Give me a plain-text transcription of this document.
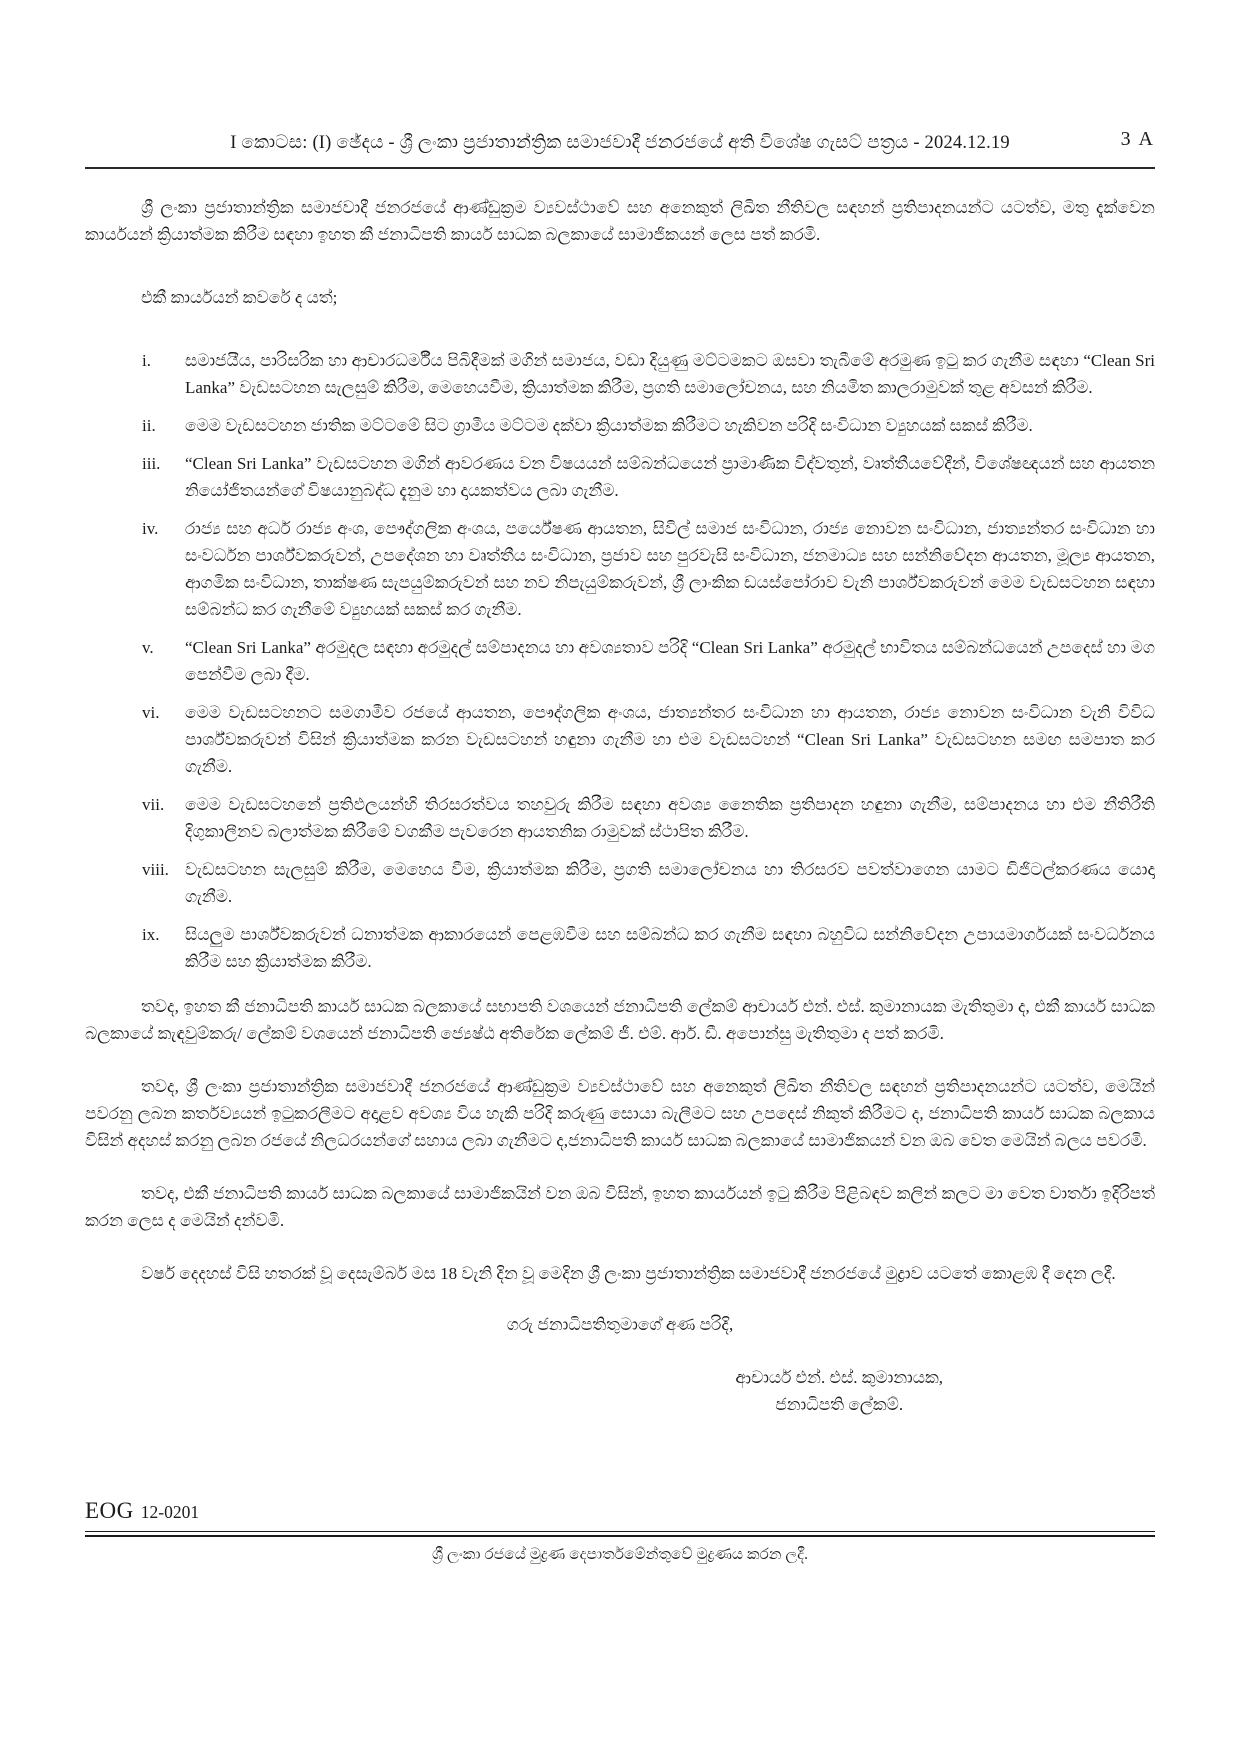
I කොටස: (I) ඡේදය - ශ්‍රී ලංකා ප්‍රජාතාන්ත්‍රික සමාජවාදී ජනරජයේ අති විශේෂ ගැසට් පත්‍රය - 2024.12.19	3 A

ශ්‍රී ලංකා ප්‍රජාතාන්ත්‍රික සමාජවාදී ජනරජයේ ආණ්ඩුක්‍රම ව්‍යවස්ථාවේ සහ අනෙකුත් ලිඛිත නීතිවල සඳහන් ප්‍රතිපාදනයන්ට යටත්ව, මතු දැක්වෙන කාර්යයන් ක්‍රියාත්මක කිරීම සඳහා ඉහත කී ජනාධිපති කාර්ය සාධක බලකායේ සාමාජිකයන් ලෙස පත් කරමි.

එකී කාර්යයන් කවරේ ද යත්;

i.	සමාජයීය, පාරිසරික හා ආචාරධර්මීය පිබිදීමක් මගින් සමාජය, වඩා දියුණු මට්ටමකට ඔසවා තැබීමේ අරමුණ ඉටු කර ගැනීම සඳහා “Clean Sri Lanka” වැඩසටහන සැලසුම් කිරීම, මෙහෙයවීම, ක්‍රියාත්මක කිරීම, ප්‍රගති සමාලෝචනය, සහ නියමිත කාලරාමුවක් තුළ අවසන් කිරීම.
ii.	මෙම වැඩසටහන ජාතික මට්ටමේ සිට ග්‍රාමීය මට්ටම දක්වා ක්‍රියාත්මක කිරීමට හැකිවන පරිදි සංවිධාන ව්‍යුහයක් සකස් කිරීම.
iii.	“Clean Sri Lanka” වැඩසටහන මගින් ආවරණය වන විෂයයන් සම්බන්ධයෙන් ප්‍රාමාණික විද්වතුන්, වෘත්තීයවේදීන්, විශේෂඥයන් සහ ආයතන නියෝජිතයන්ගේ විෂයානුබද්ධ දැනුම හා දායකත්වය ලබා ගැනීම.
iv.	රාජ්‍ය සහ අර්ධ රාජ්‍ය අංශ, පෞද්ගලික අංශය, පර්යේෂණ ආයතන, සිවිල් සමාජ සංවිධාන, රාජ්‍ය නොවන සංවිධාන, ජාත්‍යන්තර සංවිධාන හා සංවර්ධන පාර්ශ්වකරුවන්, උපදේශන හා වෘත්තීය සංවිධාන, ප්‍රජාව සහ පුරවැසි සංවිධාන, ජනමාධ්‍ය සහ සන්නිවේදන ආයතන, මූල්‍ය ආයතන, ආගමික සංවිධාන, තාක්ෂණ සැපයුම්කරුවන් සහ නව නිපැයුම්කරුවන්, ශ්‍රී ලාංකික ඩයස්පෝරාව වැනි පාර්ශ්වකරුවන් මෙම වැඩසටහන සඳහා සම්බන්ධ කර ගැනීමේ ව්‍යුහයක් සකස් කර ගැනීම.
v.	“Clean Sri Lanka” අරමුදල සඳහා අරමුදල් සම්පාදනය හා අවශ්‍යතාව පරිදි “Clean Sri Lanka” අරමුදල් භාවිතය සම්බන්ධයෙන් උපදෙස් හා මග පෙන්වීම ලබා දීම.
vi.	මෙම වැඩසටහනට සමගාමීව රජයේ ආයතන, පෞද්ගලික අංශය, ජාත්‍යන්තර සංවිධාන හා ආයතන, රාජ්‍ය නොවන සංවිධාන වැනි විවිධ පාර්ශ්වකරුවන් විසින් ක්‍රියාත්මක කරන වැඩසටහන් හඳුනා ගැනීම හා එම වැඩසටහන් “Clean Sri Lanka” වැඩසටහන සමඟ සමපාත කර ගැනීම.
vii.	මෙම වැඩසටහනේ ප්‍රතිඵලයන්හි තිරසරත්වය තහවුරු කිරීම සඳහා අවශ්‍ය නෛතික ප්‍රතිපාදන හඳුනා ගැනීම, සම්පාදනය හා එම නීතිරීති දිගුකාලීනව බලාත්මක කිරීමේ වගකීම පැවරෙන ආයතනික රාමුවක් ස්ථාපිත කිරීම.
viii. වැඩසටහන සැලසුම් කිරීම, මෙහෙය වීම, ක්‍රියාත්මක කිරීම, ප්‍රගති සමාලෝචනය හා තිරසරව පවත්වාගෙන යාමට ඩිජිටල්කරණය යොදා ගැනීම.
ix.	සියලුම පාර්ශ්වකරුවන් ධනාත්මක ආකාරයෙන් පෙළඹවීම සහ සම්බන්ධ කර ගැනීම සඳහා බහුවිධ සන්නිවේදන උපායමාර්ගයක් සංවර්ධනය කිරීම සහ ක්‍රියාත්මක කිරීම.

තවද, ඉහත කී ජනාධිපති කාර්ය සාධක බලකායේ සභාපති වශයෙන් ජනාධිපති ලේකම් ආචාර්ය එන්. එස්. කුමානායක මැතිතුමා ද, එකී කාර්ය සාධක බලකායේ කැඳවුම්කරු/ ලේකම් වශයෙන් ජනාධිපති ජ්‍යෙෂ්ඨ අතිරේක ලේකම් ජී. එම්. ආර්. ඩී. අපොන්සු මැතිතුමා ද පත් කරමි.

තවද, ශ්‍රී ලංකා ප්‍රජාතාන්ත්‍රික සමාජවාදී ජනරජයේ ආණ්ඩුක්‍රම ව්‍යවස්ථාවේ සහ අනෙකුත් ලිඛිත නීතිවල සඳහන් ප්‍රතිපාදනයන්ට යටත්ව, මෙයින් පවරනු ලබන කර්තව්‍යයන් ඉටුකරලීමට අදාළව අවශ්‍ය විය හැකි පරිදි කරුණු සොයා බැලීමට සහ උපදෙස් නිකුත් කිරීමට ද, ජනාධිපති කාර්ය සාධක බලකාය විසින් අදහස් කරනු ලබන රජයේ නිලධරයන්ගේ සහාය ලබා ගැනීමට ද,ජනාධිපති කාර්ය සාධක බලකායේ සාමාජිකයන් වන ඔබ වෙත මෙයින් බලය පවරමි.

තවද, එකී ජනාධිපති කාර්ය සාධක බලකායේ සාමාජිකයින් වන ඔබ විසින්, ඉහත කාර්යයන් ඉටු කිරීම පිළිබඳව කලින් කලට මා වෙත වාර්තා ඉදිරිපත් කරන ලෙස ද මෙයින් දන්වමි.

වර්ෂ දෙදහස් විසි හතරක් වූ දෙසැම්බර් මස 18 වැනි දින වූ මෙදින ශ්‍රී ලංකා ප්‍රජාතාන්ත්‍රික සමාජවාදී ජනරජයේ මුද්‍රාව යටතේ කොළඹ දී දෙන ලදී.

ගරු ජනාධිපතිතුමාගේ අණ පරිදි,

ආචාර්ය එන්. එස්. කුමානායක,
ජනාධිපති ලේකම්.
EOG 12-0201
ශ්‍රී ලංකා රජයේ මුද්‍රණ දෙපාර්තමේන්තුවේ මුද්‍රණය කරන ලදී.
